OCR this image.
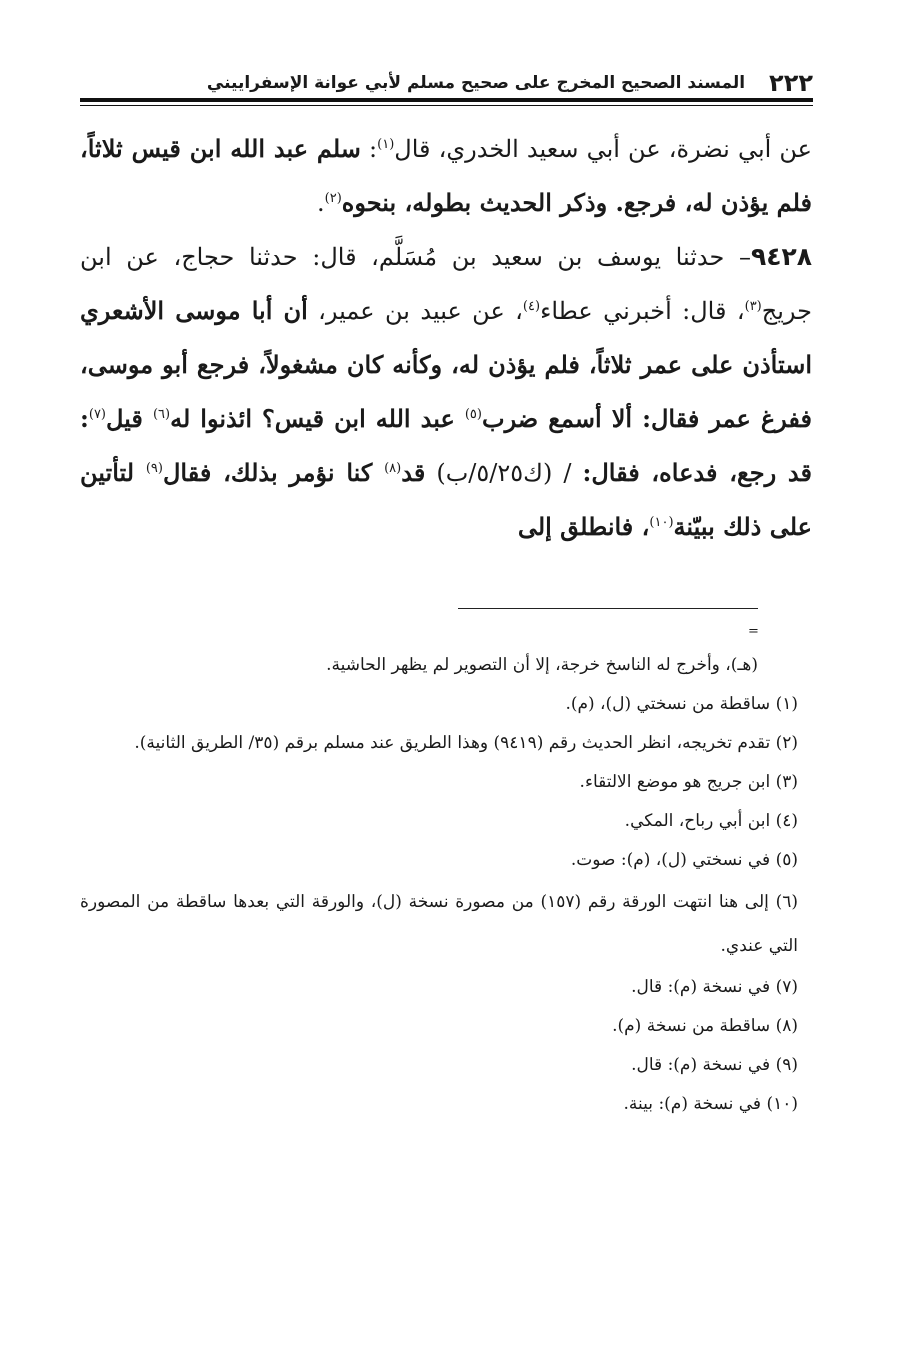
٢٢٢
المسند الصحيح المخرج على صحيح مسلم لأبي عوانة الإسفراييني

عن أبي نضرة، عن أبي سعيد الخدري، قال$^{(١)}$: سلم عبد الله ابن قيس ثلاثاً، فلم يؤذن له، فرجع. وذكر الحديث بطوله، بنحوه$^{(٢)}$.

٩٤٢٨– حدثنا يوسف بن سعيد بن مُسَلَّم، قال: حدثنا حجاج، عن ابن جريج$^{(٣)}$، قال: أخبرني عطاء$^{(٤)}$، عن عبيد بن عمير، أن أبا موسى الأشعري استأذن على عمر ثلاثاً، فلم يؤذن له، وكأنه كان مشغولاً، فرجع أبو موسى، ففرغ عمر فقال: ألا أسمع ضرب$^{(٥)}$ عبد الله ابن قيس؟ ائذنوا له$^{(٦)}$ قيل$^{(٧)}$: قد رجع، فدعاه، فقال: / (ك٥/٢٥/ب) قد$^{(٨)}$ كنا نؤمر بذلك، فقال$^{(٩)}$ لتأتين على ذلك ببيّنة$^{(١٠)}$، فانطلق إلى

=

(هـ)، وأخرج له الناسخ خرجة، إلا أن التصوير لم يظهر الحاشية.

(١) ساقطة من نسختي (ل)، (م).

(٢) تقدم تخريجه، انظر الحديث رقم (٩٤١٩) وهذا الطريق عند مسلم برقم (٣٥/ الطريق الثانية).

(٣) ابن جريج هو موضع الالتقاء.

(٤) ابن أبي رباح، المكي.

(٥) في نسختي (ل)، (م): صوت.

(٦) إلى هنا انتهت الورقة رقم (١٥٧) من مصورة نسخة (ل)، والورقة التي بعدها ساقطة من المصورة التي عندي.

(٧) في نسخة (م): قال.

(٨) ساقطة من نسخة (م).

(٩) في نسخة (م): قال.

(١٠) في نسخة (م): بينة.
